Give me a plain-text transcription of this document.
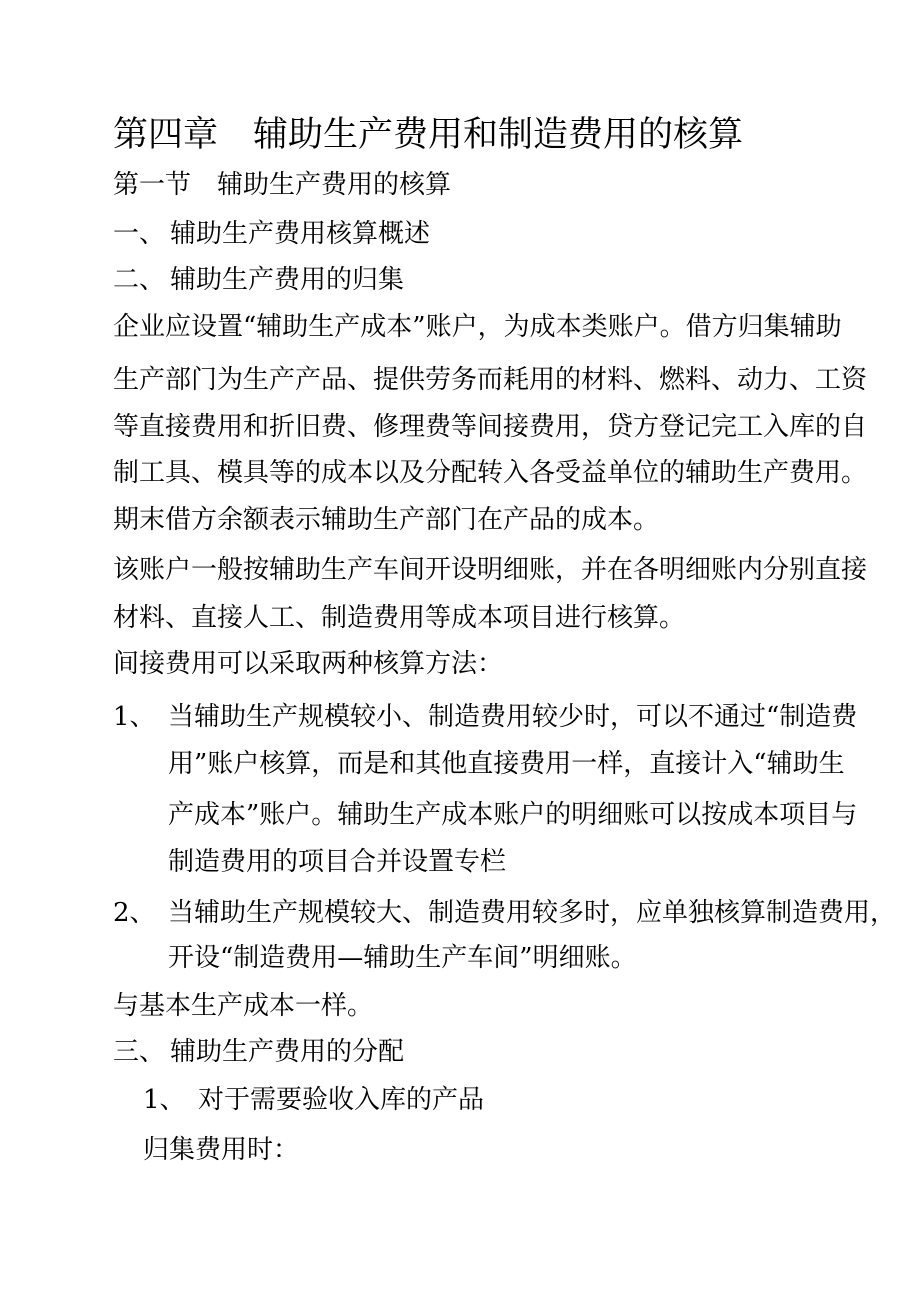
第四章　辅助生产费用和制造费用的核算
第一节　辅助生产费用的核算
一、 辅助生产费用核算概述
二、 辅助生产费用的归集
企业应设置“辅助生产成本”账户，为成本类账户。借方归集辅助
生产部门为生产产品、提供劳务而耗用的材料、燃料、动力、工资
等直接费用和折旧费、修理费等间接费用，贷方登记完工入库的自
制工具、模具等的成本以及分配转入各受益单位的辅助生产费用。
期末借方余额表示辅助生产部门在产品的成本。
该账户一般按辅助生产车间开设明细账，并在各明细账内分别直接
材料、直接人工、制造费用等成本项目进行核算。
间接费用可以采取两种核算方法：
1、 当辅助生产规模较小、制造费用较少时，可以不通过“制造费
用”账户核算，而是和其他直接费用一样，直接计入“辅助生
产成本”账户。辅助生产成本账户的明细账可以按成本项目与
制造费用的项目合并设置专栏
2、 当辅助生产规模较大、制造费用较多时，应单独核算制造费用，
开设“制造费用—辅助生产车间”明细账。
与基本生产成本一样。
三、 辅助生产费用的分配
1、 对于需要验收入库的产品
归集费用时：
